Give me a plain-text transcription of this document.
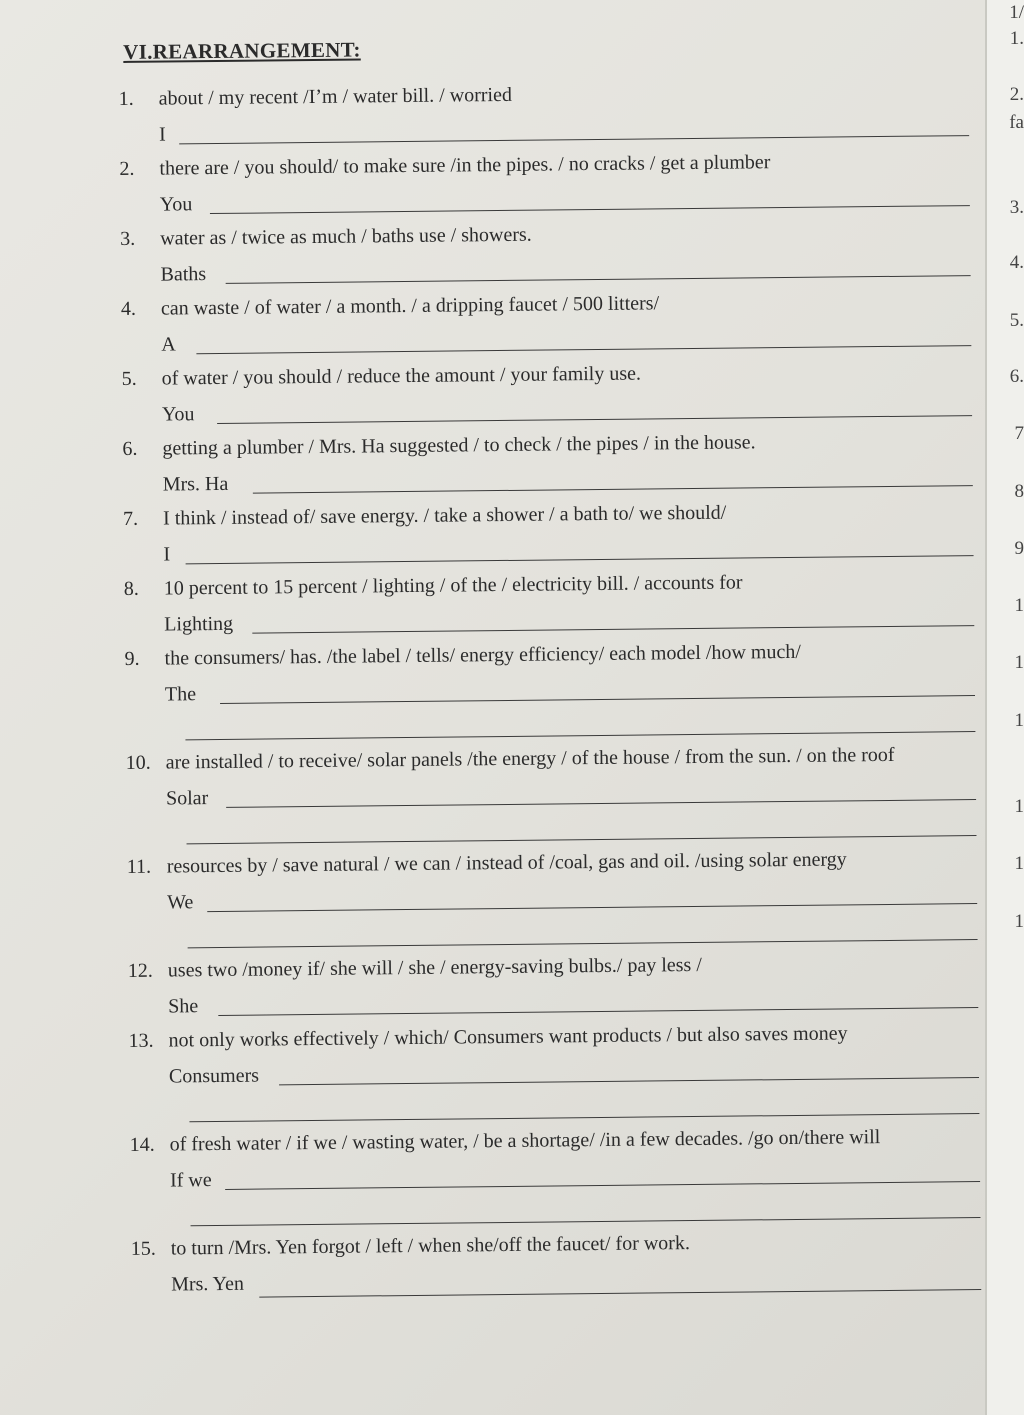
VI.REARRANGEMENT:
1. about / my recent /I’m / water bill. / worried
I
2. there are / you should/ to make sure /in the pipes. / no cracks / get a plumber
You
3. water as / twice as much / baths use / showers.
Baths
4. can waste / of water / a month. / a dripping faucet / 500 litters/
A
5. of water / you should / reduce the amount / your family use.
You
6. getting a plumber / Mrs. Ha suggested / to check / the pipes / in the house.
Mrs. Ha
7. I think / instead of/ save energy. / take a shower / a bath to/ we should/
I
8. 10 percent to 15 percent / lighting / of the / electricity bill. / accounts for
Lighting
9. the consumers/ has. /the label / tells/ energy efficiency/ each model /how much/
The
10. are installed / to receive/ solar panels /the energy / of the house / from the sun. / on the roof
Solar
11. resources by / save natural / we can / instead of /coal, gas and oil. /using solar energy
We
12. uses two /money if/ she will / she / energy-saving bulbs./ pay less /
She
13. not only works effectively / which/ Consumers want products / but also saves money
Consumers
14. of fresh water / if we / wasting water, / be a shortage/ /in a few decades. /go on/there will
If we
15. to turn /Mrs. Yen forgot / left / when she/off the faucet/ for work.
Mrs. Yen
1/
1.
2.
fa
3.
4.
5.
6.
7
8
9
1
1
1
1
1
1
